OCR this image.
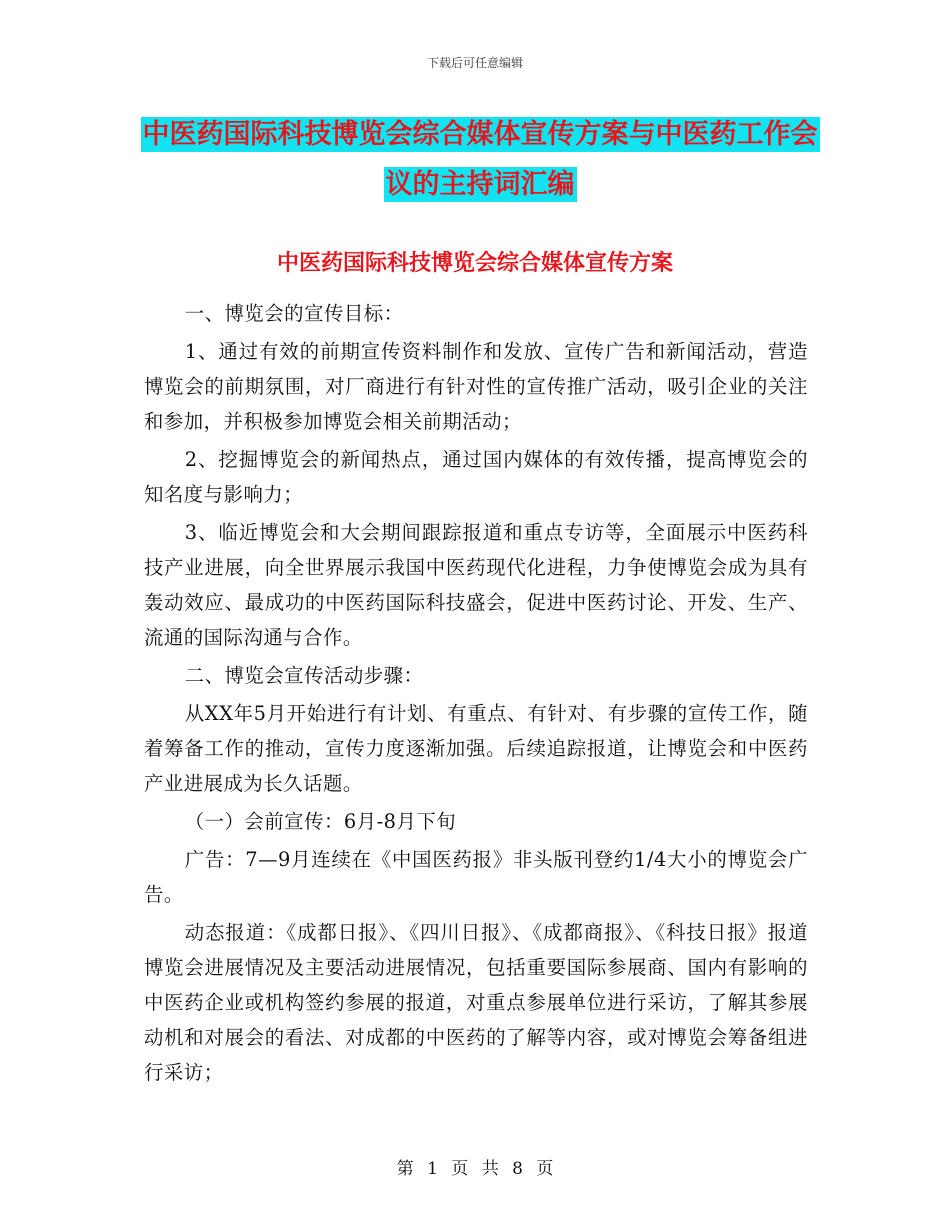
下载后可任意编辑
中医药国际科技博览会综合媒体宣传方案与中医药工作会议的主持词汇编
中医药国际科技博览会综合媒体宣传方案

一、博览会的宣传目标：

1、通过有效的前期宣传资料制作和发放、宣传广告和新闻活动，营造博览会的前期氛围，对厂商进行有针对性的宣传推广活动，吸引企业的关注和参加，并积极参加博览会相关前期活动；

2、挖掘博览会的新闻热点，通过国内媒体的有效传播，提高博览会的知名度与影响力；

3、临近博览会和大会期间跟踪报道和重点专访等，全面展示中医药科技产业进展，向全世界展示我国中医药现代化进程，力争使博览会成为具有轰动效应、最成功的中医药国际科技盛会，促进中医药讨论、开发、生产、流通的国际沟通与合作。

二、博览会宣传活动步骤：

从XX年5月开始进行有计划、有重点、有针对、有步骤的宣传工作，随着筹备工作的推动，宣传力度逐渐加强。后续追踪报道，让博览会和中医药产业进展成为长久话题。

（一）会前宣传：6月-8月下旬

广告：7—9月连续在《中国医药报》非头版刊登约1/4大小的博览会广告。

动态报道：《成都日报》、《四川日报》、《成都商报》、《科技日报》报道博览会进展情况及主要活动进展情况，包括重要国际参展商、国内有影响的中医药企业或机构签约参展的报道，对重点参展单位进行采访，了解其参展动机和对展会的看法、对成都的中医药的了解等内容，或对博览会筹备组进行采访；

第 1 页 共 8 页
